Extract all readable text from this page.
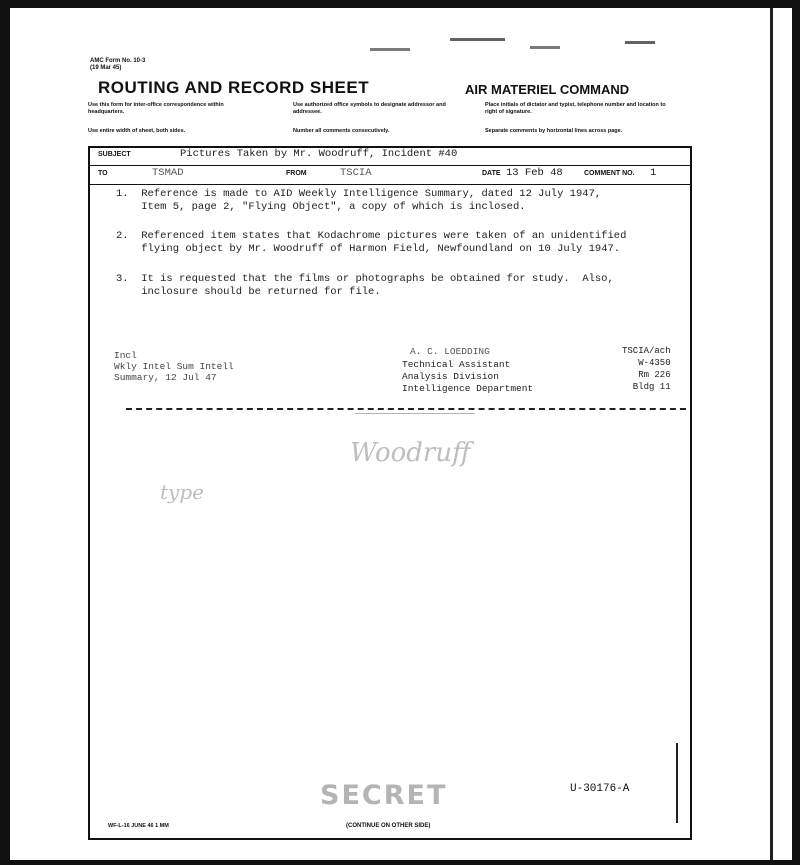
AMC Form No. 10-3
(19 Mar 45)
ROUTING AND RECORD SHEET	AIR MATERIEL COMMAND
Use this form for inter-office correspondence within headquarters.
Use authorized office symbols to designate addressor and addressee.
Place initials of dictator and typist, telephone number and location to right of signature.
Use entire width of sheet, both sides.	Number all comments consecutively.	Separate comments by horizontal lines across page.
SUBJECT	Pictures Taken by Mr. Woodruff, Incident #40
TO	TSMAD	FROM	TSCIA	DATE 13 Feb 48	COMMENT NO. 1
1.  Reference is made to AID Weekly Intelligence Summary, dated 12 July 1947,
Item 5, page 2, "Flying Object", a copy of which is inclosed.
2.  Referenced item states that Kodachrome pictures were taken of an unidentified
flying object by Mr. Woodruff of Harmon Field, Newfoundland on 10 July 1947.
3.  It is requested that the films or photographs be obtained for study.  Also,
inclosure should be returned for file.
Incl
Wkly Intel Sum Intell
Summary, 12 Jul 47
A. C. LOEDDING
Technical Assistant
Analysis Division
Intelligence Department
TSCIA/ach
W-4350
Rm 226
Bldg 11
Woodruff
type
SECRET	U-30176-A
WF-L-16 JUNE 46 1 MM	(CONTINUE ON OTHER SIDE)
